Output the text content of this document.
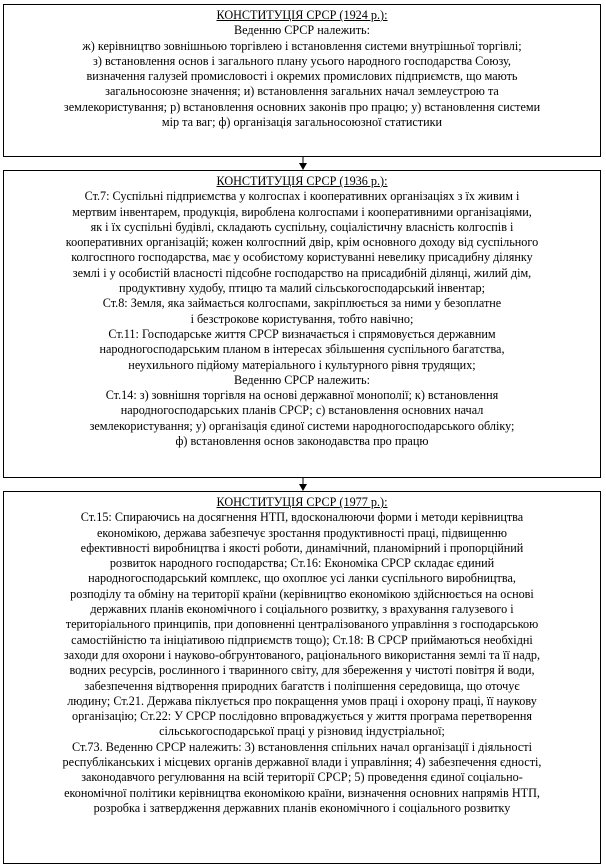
КОНСТИТУЦІЯ СРСР (1924 р.):

Веденню СРСР належить:

ж) керівництво зовнішньою торгівлею і встановлення системи внутрішньої торгівлі;

з) встановлення основ і загального плану усього народного господарства Союзу,

визначення галузей промисловості і окремих промислових підприємств, що мають

загальносоюзне значення; и) встановлення загальних начал землеустрою та

землекористування; р) встановлення основних законів про працю; у) встановлення системи

мір та ваг; ф) організація загальносоюзної статистики

КОНСТИТУЦІЯ СРСР (1936 р.):

Ст.7: Суспільні підприємства у колгоспах і кооперативних організаціях з їх живим і

мертвим інвентарем, продукція, вироблена колгоспами і кооперативними організаціями,

як і їх суспільні будівлі, складають суспільну, соціалістичну власність колгоспів і

кооперативних організацій; кожен колгоспний двір, крім основного доходу від суспільного

колгоспного господарства, має у особистому користуванні невелику присадибну ділянку

землі і у особистій власності підсобне господарство на присадибній ділянці, жилий дім,

продуктивну худобу, птицю та малий сільськогосподарський інвентар;

Ст.8: Земля, яка займається колгоспами, закріплюється за ними у безоплатне

і безстрокове користування, тобто навічно;

Ст.11: Господарське життя СРСР визначається і спрямовується державним

народногосподарським планом в інтересах збільшення суспільного багатства,

неухильного підйому матеріального і культурного рівня трудящих;

Веденню СРСР належить:

Ст.14: з) зовнішня торгівля на основі державної монополії; к) встановлення

народногосподарських планів СРСР; с) встановлення основних начал

землекористування; у) організація єдиної системи народногосподарського обліку;

ф) встановлення основ законодавства про працю

КОНСТИТУЦІЯ СРСР (1977 р.):

Ст.15: Спираючись на досягнення НТП, вдосконалюючи форми і методи керівництва

економікою, держава забезпечує зростання продуктивності праці, підвищенню

ефективності виробництва і якості роботи, динамічний, планомірний і пропорційний

розвиток народного господарства; Ст.16: Економіка СРСР складає єдиний

народногосподарський комплекс, що охоплює усі ланки суспільного виробництва,

розподілу та обміну на території країни (керівництво економікою здійснюється на основі

державних планів економічного і соціального розвитку, з врахування галузевого і

територіального принципів, при доповненні централізованого управління з господарською

самостійністю та ініціативою підприємств тощо); Ст.18: В СРСР приймаються необхідні

заходи для охорони і науково-обгрунтованого, раціонального використання землі та її надр,

водних ресурсів, рослинного і тваринного світу, для збереження у чистоті повітря й води,

забезпечення відтворення природних багатств і поліпшення середовища, що оточує

людину; Ст.21. Держава піклується про покращення умов праці і охорону праці, її наукову

організацію; Ст.22: У СРСР послідовно впроваджується у життя програма перетворення

сільськогосподарської праці у різновид індустріальної;

Ст.73. Веденню СРСР належить: 3) встановлення спільних начал організації і діяльності

республіканських і місцевих органів державної влади і управління; 4) забезпечення єдності,

законодавчого регулювання на всій території СРСР; 5) проведення єдиної соціально-

економічної політики керівництва економікою країни, визначення основних напрямів НТП,

розробка і затвердження державних планів економічного і соціального розвитку
